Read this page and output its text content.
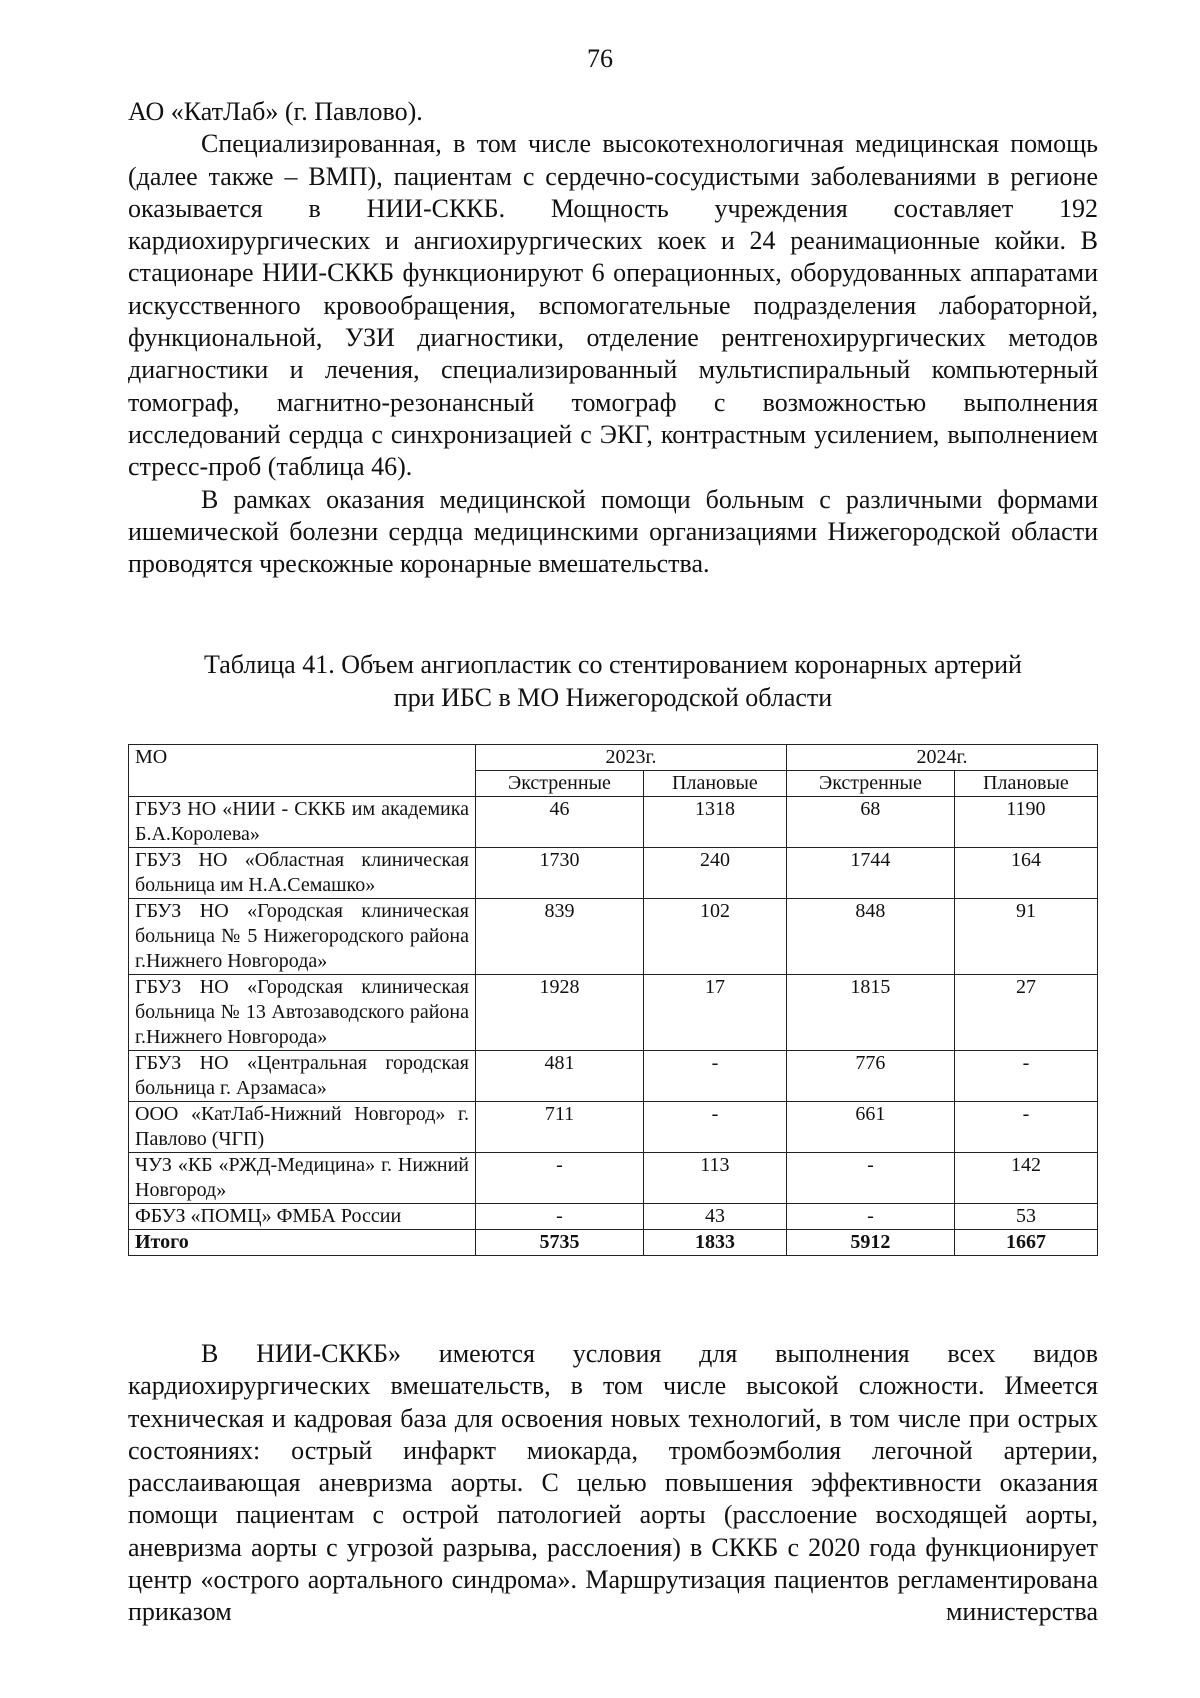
76

АО «КатЛаб» (г. Павлово).

Специализированная, в том числе высокотехнологичная медицинская помощь (далее также – ВМП), пациентам с сердечно-сосудистыми заболеваниями в регионе оказывается в НИИ-СККБ. Мощность учреждения составляет 192 кардиохирургических и ангиохирургических коек и 24 реанимационные койки. В стационаре НИИ-СККБ функционируют 6 операционных, оборудованных аппаратами искусственного кровообращения, вспомогательные подразделения лабораторной, функциональной, УЗИ диагностики, отделение рентгенохирургических методов диагностики и лечения, специализированный мультиспиральный компьютерный томограф, магнитно-резонансный томограф с возможностью выполнения исследований сердца с синхронизацией с ЭКГ, контрастным усилением, выполнением стресс-проб (таблица 46).

В рамках оказания медицинской помощи больным с различными формами ишемической болезни сердца медицинскими организациями Нижегородской области проводятся чрескожные коронарные вмешательства.

Таблица 41. Объем ангиопластик со стентированием коронарных артерий
при ИБС в МО Нижегородской области
МО	2023г.		2024г.	
	Экстренные	Плановые	Экстренные	Плановые
ГБУЗ НО «НИИ - СККБ им академика Б.А.Королева»	46	1318	68	1190
ГБУЗ НО «Областная клиническая больница им Н.А.Семашко»	1730	240	1744	164
ГБУЗ НО «Городская клиническая больница № 5 Нижегородского района г.Нижнего Новгорода»	839	102	848	91
ГБУЗ НО «Городская клиническая больница № 13 Автозаводского района г.Нижнего Новгорода»	1928	17	1815	27
ГБУЗ НО «Центральная городская больница г. Арзамаса»	481	-	776	-
ООО «КатЛаб-Нижний Новгород» г. Павлово (ЧГП)	711	-	661	-
ЧУЗ «КБ «РЖД-Медицина» г. Нижний Новгород»	-	113	-	142
ФБУЗ «ПОМЦ» ФМБА России	-	43	-	53
Итого	5735	1833	5912	1667

В НИИ-СККБ» имеются условия для выполнения всех видов кардиохирургических вмешательств, в том числе высокой сложности. Имеется техническая и кадровая база для освоения новых технологий, в том числе при острых состояниях: острый инфаркт миокарда, тромбоэмболия легочной артерии, расслаивающая аневризма аорты. С целью повышения эффективности оказания помощи пациентам с острой патологией аорты (расслоение восходящей аорты, аневризма аорты с угрозой разрыва, расслоения) в СККБ с 2020 года функционирует центр «острого аортального синдрома». Маршрутизация пациентов регламентирована приказом министерства
